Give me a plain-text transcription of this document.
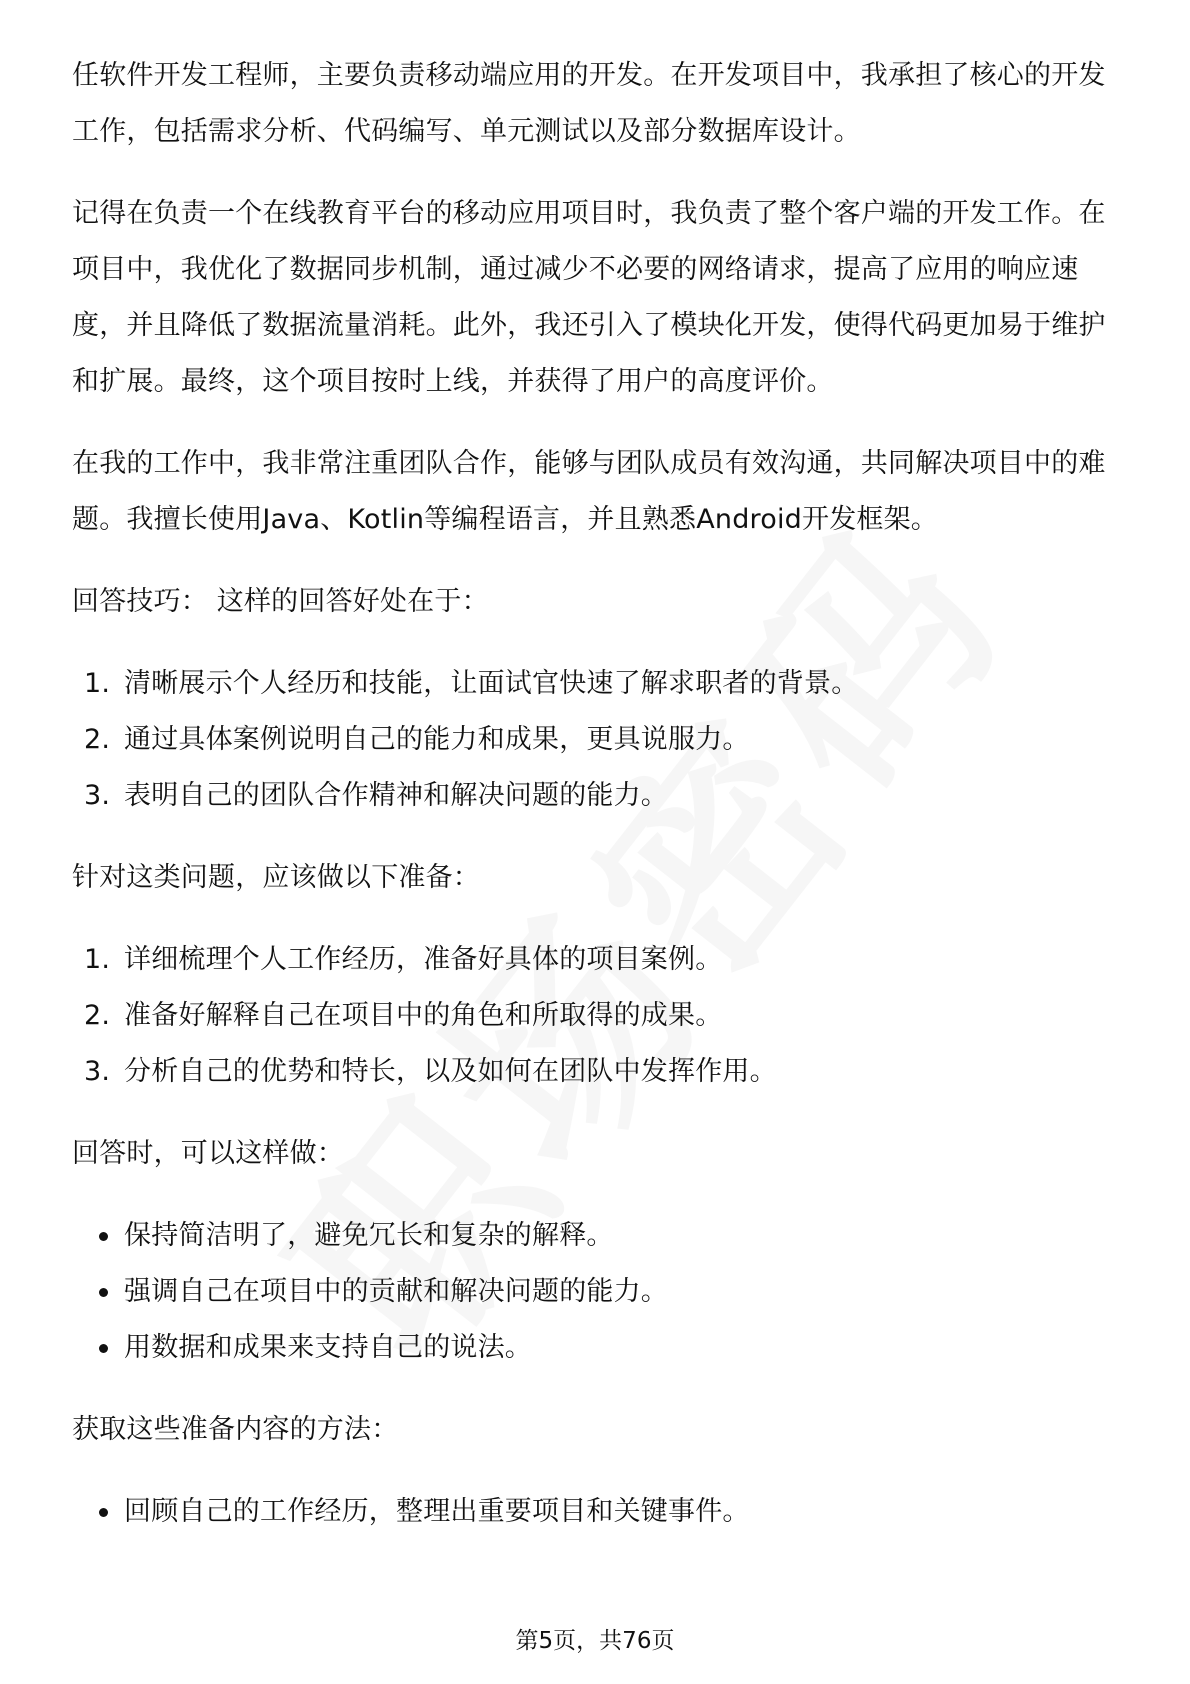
任软件开发工程师，主要负责移动端应用的开发。在开发项目中，我承担了核心的开发工作，包括需求分析、代码编写、单元测试以及部分数据库设计。

记得在负责一个在线教育平台的移动应用项目时，我负责了整个客户端的开发工作。在项目中，我优化了数据同步机制，通过减少不必要的网络请求，提高了应用的响应速度，并且降低了数据流量消耗。此外，我还引入了模块化开发，使得代码更加易于维护和扩展。最终，这个项目按时上线，并获得了用户的高度评价。

在我的工作中，我非常注重团队合作，能够与团队成员有效沟通，共同解决项目中的难题。我擅长使用Java、Kotlin等编程语言，并且熟悉Android开发框架。

回答技巧： 这样的回答好处在于：

1. 清晰展示个人经历和技能，让面试官快速了解求职者的背景。
2. 通过具体案例说明自己的能力和成果，更具说服力。
3. 表明自己的团队合作精神和解决问题的能力。

针对这类问题，应该做以下准备：

1. 详细梳理个人工作经历，准备好具体的项目案例。
2. 准备好解释自己在项目中的角色和所取得的成果。
3. 分析自己的优势和特长，以及如何在团队中发挥作用。

回答时，可以这样做：

保持简洁明了，避免冗长和复杂的解释。
强调自己在项目中的贡献和解决问题的能力。
用数据和成果来支持自己的说法。

获取这些准备内容的方法：

回顾自己的工作经历，整理出重要项目和关键事件。
第5页，共76页
